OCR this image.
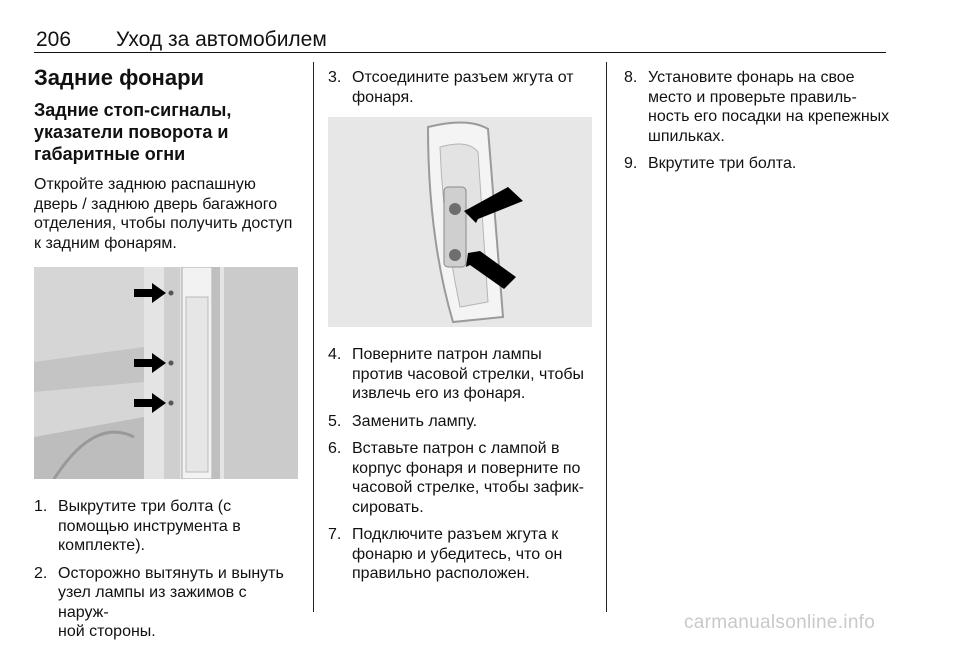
206 Уход за автомобилем
Задние фонари
Задние стоп-сигналы,
указатели поворота и
габаритные огни
Откройте заднюю распашную
дверь / заднюю дверь багажного
отделения, чтобы получить доступ
к задним фонарям.
1. Выкрутите три болта (с
помощью инструмента в
комплекте).
2. Осторожно вытянуть и вынуть
узел лампы из зажимов с наруж-
ной стороны.
3. Отсоедините разъем жгута от
фонаря.
4. Поверните патрон лампы
против часовой стрелки, чтобы
извлечь его из фонаря.
5. Заменить лампу.
6. Вставьте патрон с лампой в
корпус фонаря и поверните по
часовой стрелке, чтобы зафик-
сировать.
7. Подключите разъем жгута к
фонарю и убедитесь, что он
правильно расположен.
8. Установите фонарь на свое
место и проверьте правиль-
ность его посадки на крепежных
шпильках.
9. Вкрутите три болта.
carmanualsonline.info
